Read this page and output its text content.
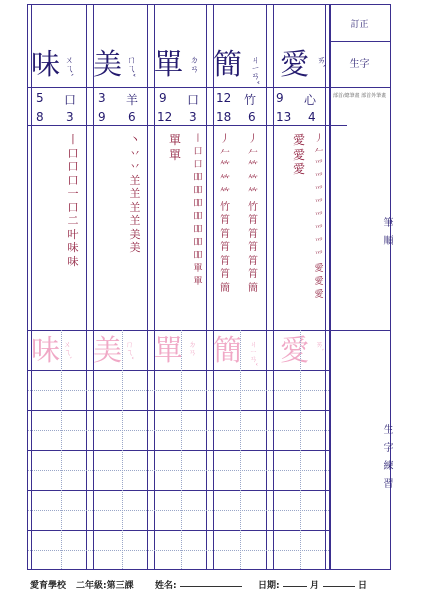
味 ㄨㄟˋ
5 口
8 3
丨
口
口
口一
口二
叶
味
味
味 ㄨㄟˋ
美 ㄇㄟˇ
3 羊
9 6
丶
丷
丷
𦍌
𦍌
𦍌
𦍌
美
美
美 ㄇㄟˇ
單 ㄉㄢ
9 口
12 3
單 單
丨
口
口
吅
吅
吅
吅
吅
吅
吅
單
單
單 ㄉㄢ
簡 ㄐㄧㄢˇ
12 竹
18 6
丿
𠂉
𥫗
𥫗
𥫗
竹
筲
筲
筲
筲
筲
簡
丿
𠂉
𥫗
𥫗
𥫗
竹
筲
筲
筲
筲
筲
簡
簡 ㄐㄧㄢˇ
愛 ㄞˋ
9 心
13 4
愛愛 愛
丿
𠂉
爫
爫
爫
爫
爫
爫
爫
爫
愛
愛
愛
愛 ㄞˋ
訂正
生字
部首/總筆畫 部首外筆畫
筆順
生字練習
愛育學校 二年級:第三課 姓名:	日期:	月	日
